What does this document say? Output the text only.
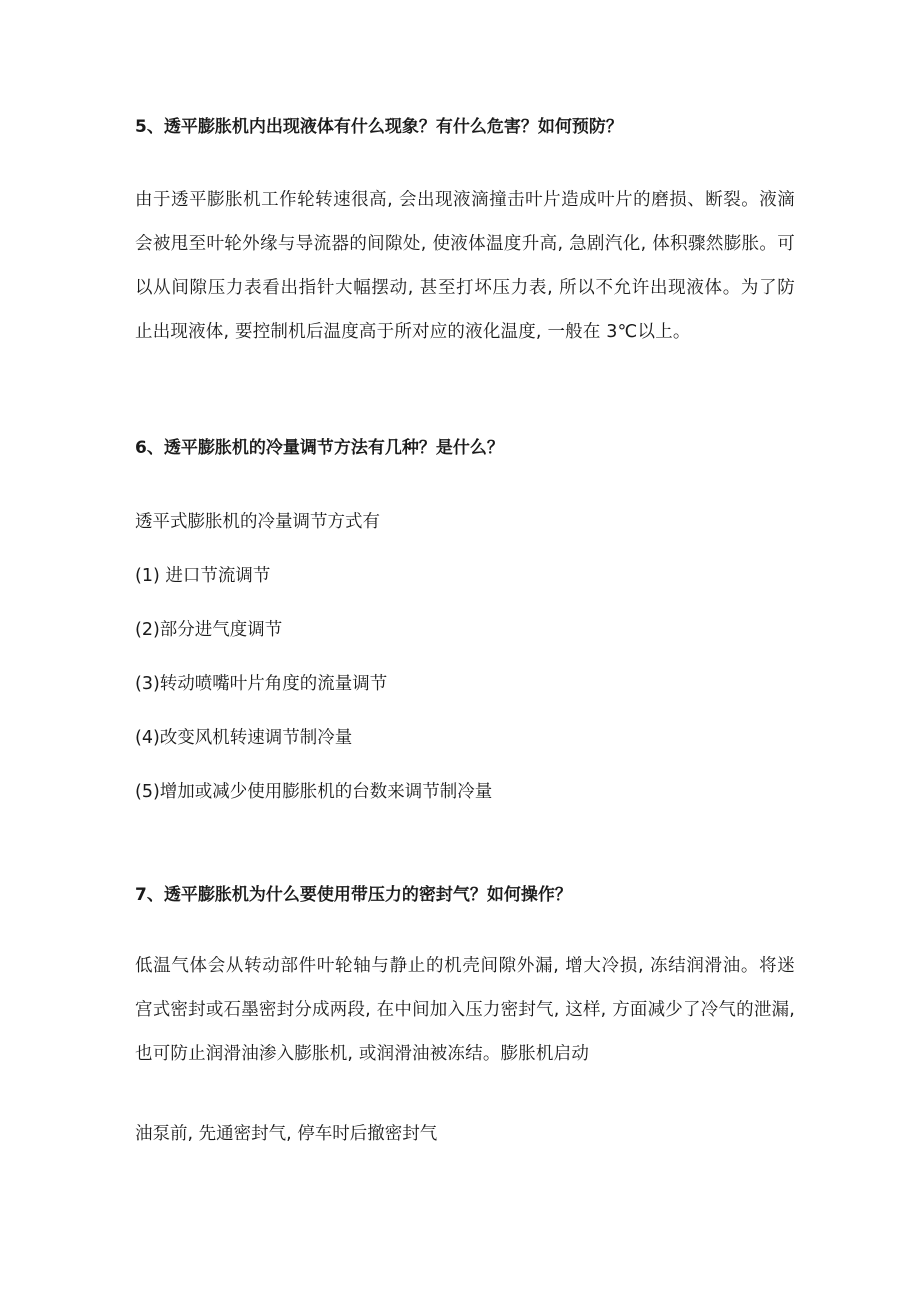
5、透平膨胀机内出现液体有什么现象？有什么危害？如何预防？

由于透平膨胀机工作轮转速很高, 会出现液滴撞击叶片造成叶片的磨损、断裂。液滴会被甩至叶轮外缘与导流器的间隙处, 使液体温度升高, 急剧汽化, 体积骤然膨胀。可以从间隙压力表看出指针大幅摆动, 甚至打坏压力表, 所以不允许出现液体。为了防止出现液体, 要控制机后温度高于所对应的液化温度, 一般在 3℃以上。

6、透平膨胀机的冷量调节方法有几种？是什么？
透平式膨胀机的冷量调节方式有
(1) 进口节流调节
(2)部分进气度调节
(3)转动喷嘴叶片角度的流量调节
(4)改变风机转速调节制冷量
(5)增加或减少使用膨胀机的台数来调节制冷量
7、透平膨胀机为什么要使用带压力的密封气？如何操作？

低温气体会从转动部件叶轮轴与静止的机壳间隙外漏, 增大冷损, 冻结润滑油。将迷宫式密封或石墨密封分成两段, 在中间加入压力密封气, 这样, 方面减少了冷气的泄漏, 也可防止润滑油渗入膨胀机, 或润滑油被冻结。膨胀机启动

油泵前, 先通密封气, 停车时后撤密封气
